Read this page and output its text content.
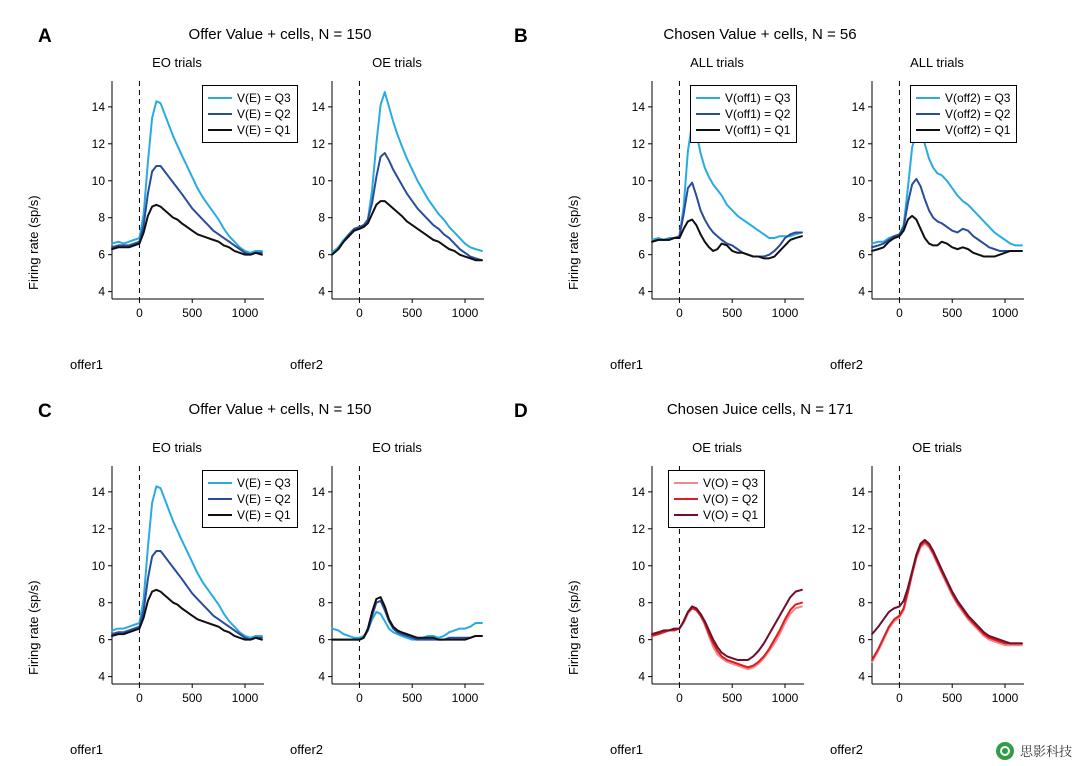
A	Offer Value + cells, N = 150	B	Chosen Value + cells, N = 56
C	Offer Value + cells, N = 150	D	Chosen Juice cells, N = 171
EO trials
4
6
8
10
12
14
0	500 1000
Firing rate (sp/s)
offer1
OE trials
4
6
8
10
12
14
0	500 1000
offer2
ALL trials
4
6
8
10
12
14
0	500 1000
Firing rate (sp/s)
offer1
ALL trials
4
6
8
10
12
14
0	500 1000
offer2
EO trials
4
6
8
10
12
14
0	500 1000
Firing rate (sp/s)
offer1
EO trials
4
6
8
10
12
14
0	500 1000
offer2
OE trials
4
6
8
10
12
14
0	500 1000
Firing rate (sp/s)
offer1
OE trials
4
6
8
10
12
14
0	500 1000
offer2
V(E) = Q3
V(E) = Q2
V(E) = Q1
V(off1) = Q3
V(off1) = Q2
V(off1) = Q1
V(off2) = Q3
V(off2) = Q2
V(off2) = Q1
V(E) = Q3
V(E) = Q2
V(E) = Q1
V(O) = Q3
V(O) = Q2
V(O) = Q1
思影科技
